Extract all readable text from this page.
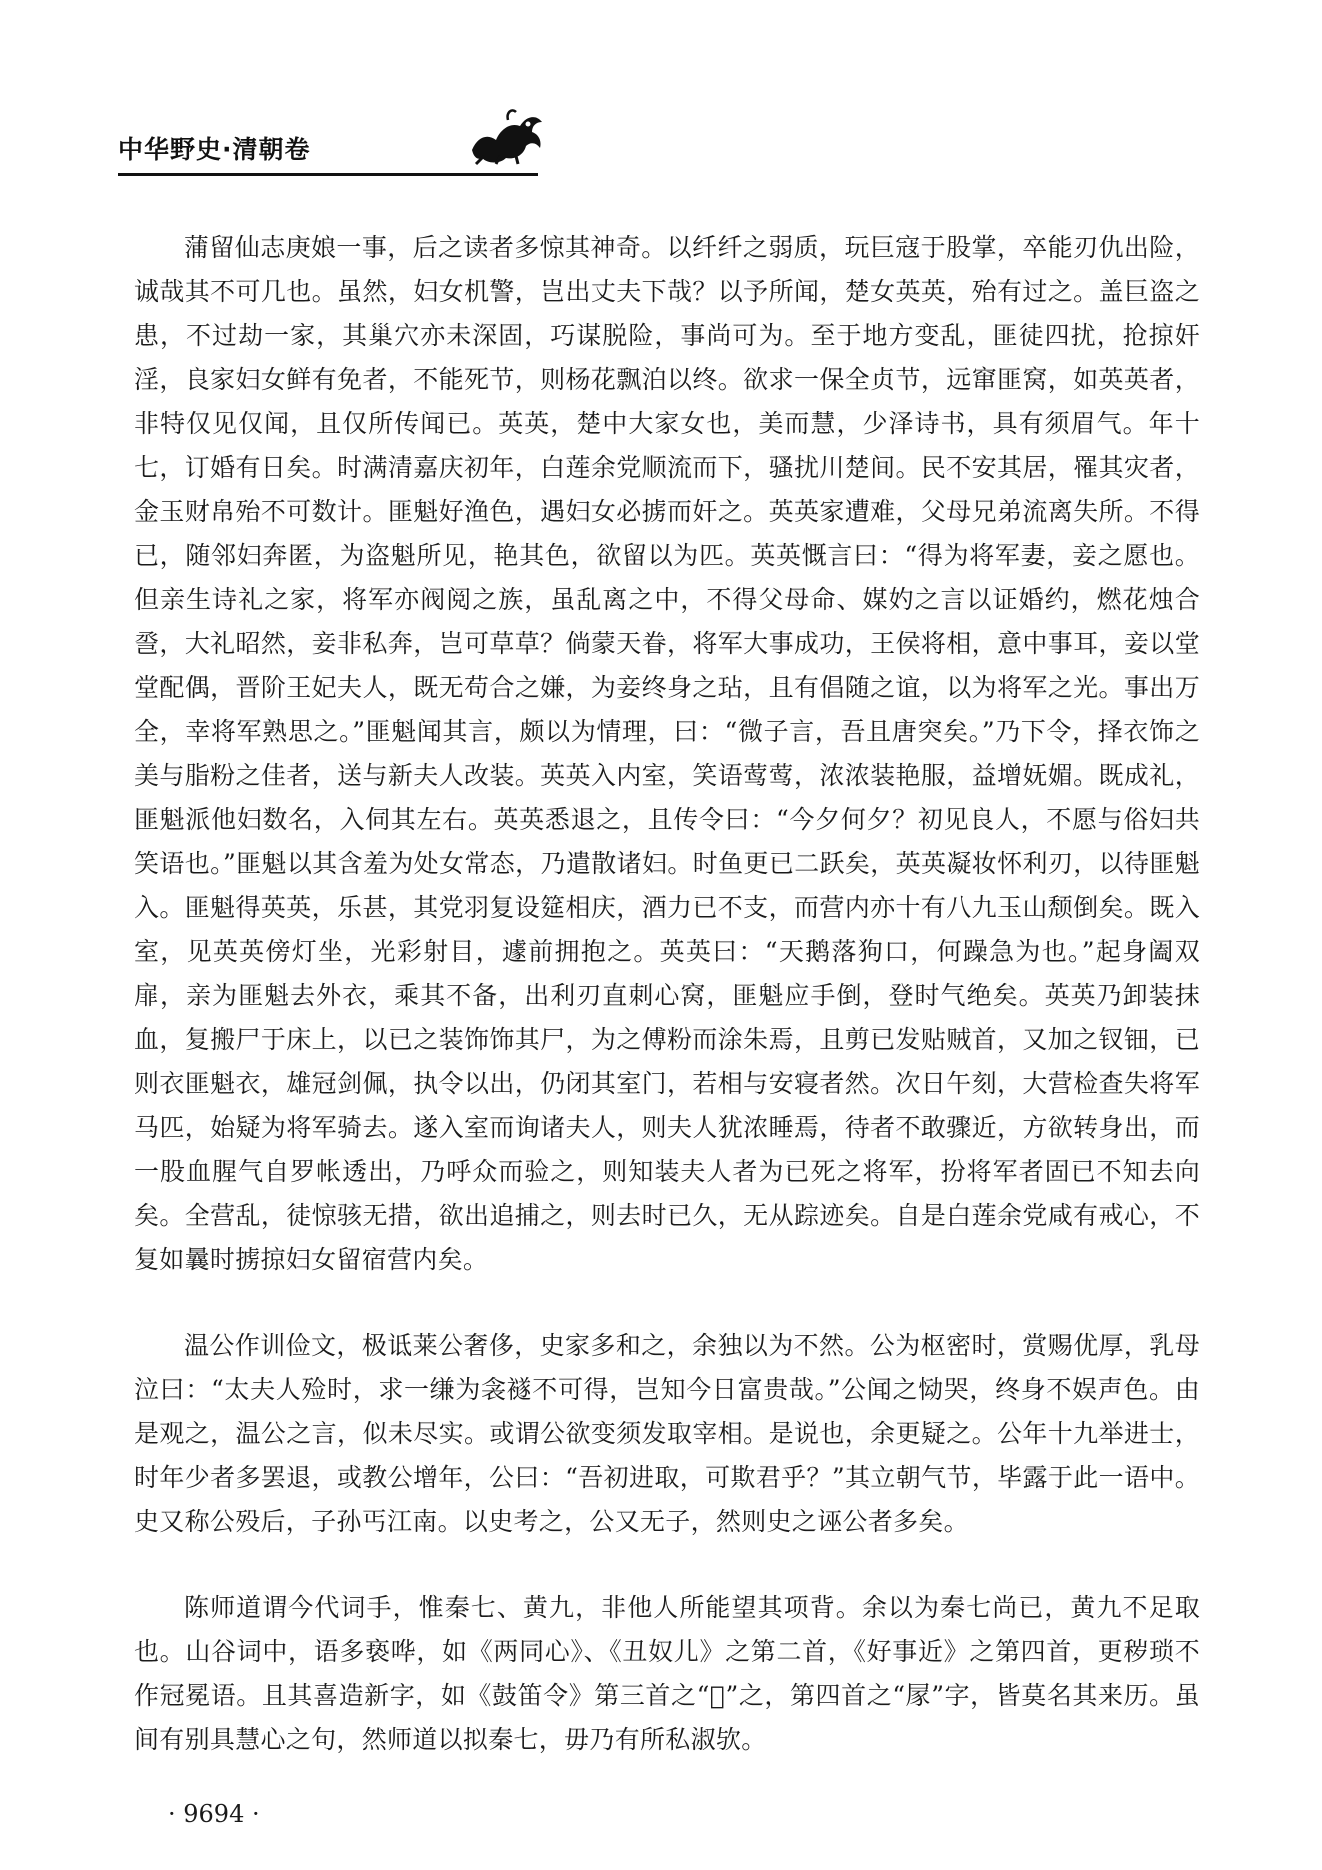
中华野史·清朝卷

蒲留仙志庚娘一事，后之读者多惊其神奇。以纤纤之弱质，玩巨寇于股掌，卒能刃仇出险，诚哉其不可几也。虽然，妇女机警，岂出丈夫下哉？以予所闻，楚女英英，殆有过之。盖巨盗之患，不过劫一家，其巢穴亦未深固，巧谋脱险，事尚可为。至于地方变乱，匪徒四扰，抢掠奸淫，良家妇女鲜有免者，不能死节，则杨花飘泊以终。欲求一保全贞节，远窜匪窝，如英英者，非特仅见仅闻，且仅所传闻已。英英，楚中大家女也，美而慧，少泽诗书，具有须眉气。年十七，订婚有日矣。时满清嘉庆初年，白莲余党顺流而下，骚扰川楚间。民不安其居，罹其灾者，金玉财帛殆不可数计。匪魁好渔色，遇妇女必掳而奸之。英英家遭难，父母兄弟流离失所。不得已，随邻妇奔匿，为盗魁所见，艳其色，欲留以为匹。英英慨言曰：“得为将军妻，妾之愿也。但亲生诗礼之家，将军亦阀阅之族，虽乱离之中，不得父母命、媒妁之言以证婚约，燃花烛合巹，大礼昭然，妾非私奔，岂可草草？倘蒙天眷，将军大事成功，王侯将相，意中事耳，妾以堂堂配偶，晋阶王妃夫人，既无苟合之嫌，为妾终身之玷，且有倡随之谊，以为将军之光。事出万全，幸将军熟思之。”匪魁闻其言，颇以为情理，曰：“微子言，吾且唐突矣。”乃下令，择衣饰之美与脂粉之佳者，送与新夫人改装。英英入内室，笑语莺莺，浓浓装艳服，益增妩媚。既成礼，匪魁派他妇数名，入伺其左右。英英悉退之，且传令曰：“今夕何夕？初见良人，不愿与俗妇共笑语也。”匪魁以其含羞为处女常态，乃遣散诸妇。时鱼更已二跃矣，英英凝妆怀利刃，以待匪魁入。匪魁得英英，乐甚，其党羽复设筵相庆，酒力已不支，而营内亦十有八九玉山颓倒矣。既入室，见英英傍灯坐，光彩射目，遽前拥抱之。英英曰：“天鹅落狗口，何躁急为也。”起身阖双扉，亲为匪魁去外衣，乘其不备，出利刃直刺心窝，匪魁应手倒，登时气绝矣。英英乃卸装抹血，复搬尸于床上，以已之装饰饰其尸，为之傅粉而涂朱焉，且剪已发贴贼首，又加之钗钿，已则衣匪魁衣，雄冠剑佩，执令以出，仍闭其室门，若相与安寝者然。次日午刻，大营检查失将军马匹，始疑为将军骑去。遂入室而询诸夫人，则夫人犹浓睡焉，待者不敢骤近，方欲转身出，而一股血腥气自罗帐透出，乃呼众而验之，则知装夫人者为已死之将军，扮将军者固已不知去向矣。全营乱，徒惊骇无措，欲出追捕之，则去时已久，无从踪迹矣。自是白莲余党咸有戒心，不复如曩时掳掠妇女留宿营内矣。

温公作训俭文，极诋莱公奢侈，史家多和之，余独以为不然。公为枢密时，赏赐优厚，乳母泣曰：“太夫人殓时，求一缣为衾襚不可得，岂知今日富贵哉。”公闻之恸哭，终身不娱声色。由是观之，温公之言，似未尽实。或谓公欲变须发取宰相。是说也，余更疑之。公年十九举进士，时年少者多罢退，或教公增年，公曰：“吾初进取，可欺君乎？”其立朝气节，毕露于此一语中。史又称公殁后，子孙丐江南。以史考之，公又无子，然则史之诬公者多矣。

陈师道谓今代词手，惟秦七、黄九，非他人所能望其项背。余以为秦七尚已，黄九不足取也。山谷词中，语多亵哗，如《两同心》、《丑奴儿》之第二首，《好事近》之第四首，更秽琐不作冠冕语。且其喜造新字，如《鼓笛令》第三首之“𨈍”之，第四首之“𡱰”字，皆莫名其来历。虽间有别具慧心之句，然师道以拟秦七，毋乃有所私淑欤。

· 9694 ·
